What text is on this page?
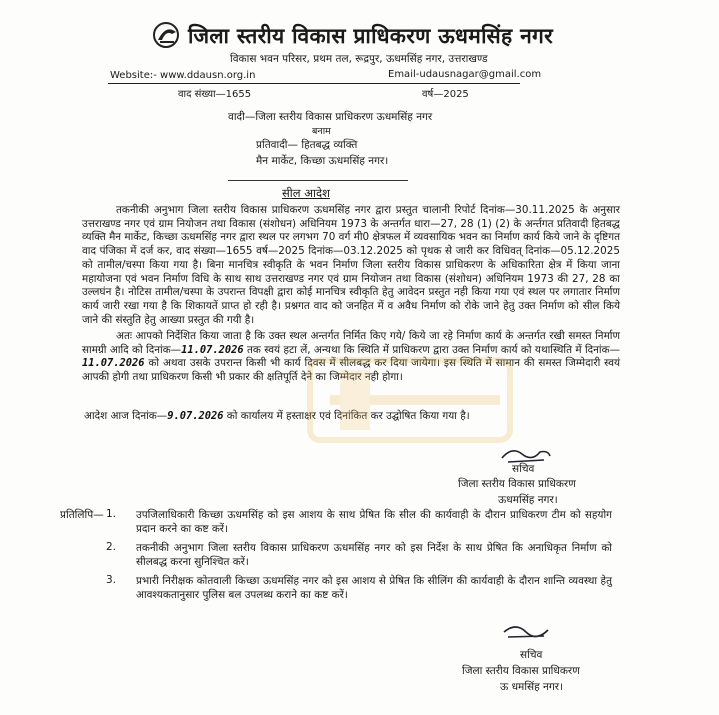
जिला स्तरीय विकास प्राधिकरण ऊधमसिंह नगर
विकास भवन परिसर, प्रथम तल, रूद्रपुर, ऊधमसिंह नगर, उत्तराखण्ड
Website:- www.ddausn.org.in	Email-udausnagar@gmail.com
वाद संख्या—1655	वर्ष—2025
वादी—जिला स्तरीय विकास प्राधिकरण ऊधमसिंह नगर
बनाम
प्रतिवादी— हितबद्ध व्यक्ति
मैन मार्केट, किच्छा ऊधमसिंह नगर।
सील आदेश
तकनीकी अनुभाग जिला स्तरीय विकास प्राधिकरण ऊधमसिंह नगर द्वारा प्रस्तुत चालानी रिपोर्ट दिनांक—30.11.2025 के अनुसार उत्तराखण्ड नगर एवं ग्राम नियोजन तथा विकास (संशोधन) अधिनियम 1973 के अन्तर्गत धारा—27, 28 (1) (2) के अर्न्तगत प्रतिवादी हितबद्ध व्यक्ति मैन मार्केट, किच्छा ऊधमसिंह नगर द्वारा स्थल पर लगभग 70 वर्ग मी0 क्षेत्रफल में व्यवसायिक भवन का निर्माण कार्य किये जाने के दृष्टिगत वाद पंजिका में दर्ज कर, वाद संख्या—1655 वर्ष—2025 दिनांक—03.12.2025 को पृथक से जारी कर विधिवत् दिनांक—05.12.2025 को तामील/चस्पा किया गया है। बिना मानचित्र स्वीकृति के भवन निर्माण जिला स्तरीय विकास प्राधिकरण के अधिकारिता क्षेत्र में किया जाना महायोजना एवं भवन निर्माण विधि के साथ साथ उत्तराखण्ड नगर एवं ग्राम नियोजन तथा विकास (संशोधन) अधिनियम 1973 की 27, 28 का उल्लघंन है। नोटिस तामील/चस्पा के उपरान्त विपक्षी द्वारा कोई मानचित्र स्वीकृति हेतु आवेदन प्रस्तुत नही किया गया एवं स्थल पर लगातार निर्माण कार्य जारी रखा गया है कि शिकायतें प्राप्त हो रही है। प्रश्नगत वाद को जनहित में व अवैध निर्माण को रोके जाने हेतु उक्त निर्माण को सील किये जाने की संस्तुति हेतु आख्या प्रस्तुत की गयी है।
अतः आपको निर्देशित किया जाता है कि उक्त स्थल अन्तर्गत निर्मित किए गये/ किये जा रहे निर्माण कार्य के अन्तर्गत रखी समस्त निर्माण सामग्री आदि को दिनांक—11.07.2026 तक स्वयं हटा लें, अन्यथा कि स्थिति में प्राधिकरण द्वारा उक्त निर्माण कार्य को यथास्थिति में दिनांक—11.07.2026 को अथवा उसके उपरान्त किसी भी कार्य दिवस में सीलबद्ध कर दिया जायेगा। इस स्थिति में सामान की समस्त जिम्मेदारी स्वयं आपकी होगी तथा प्राधिकरण किसी भी प्रकार की क्षतिपूर्ति देने का जिम्मेदार नही होगा।
आदेश आज दिनांक—9.07.2026 को कार्यालय में हस्ताक्षर एवं दिनांकित कर उद्घोषित किया गया है।
सचिव
जिला स्तरीय विकास प्राधिकरण
ऊधमसिंह नगर।
प्रतिलिपि— 1. उपजिलाधिकारी किच्छा ऊधमसिंह को इस आशय के साथ प्रेषित कि सील की कार्यवाही के दौरान प्राधिकरण टीम को सहयोग प्रदान करने का कष्ट करें।
2. तकनीकी अनुभाग जिला स्तरीय विकास प्राधिकरण ऊधमसिंह नगर को इस निर्देश के साथ प्रेषित कि अनाधिकृत निर्माण को सीलबद्ध करना सुनिश्चित करें।
3. प्रभारी निरीक्षक कोतवाली किच्छा ऊधमसिंह नगर को इस आशय से प्रेषित कि सीलिंग की कार्यवाही के दौरान शान्ति व्यवस्था हेतु आवश्यकतानुसार पुलिस बल उपलब्ध कराने का कष्ट करें।
सचिव
जिला स्तरीय विकास प्राधिकरण
ऊ धमसिंह नगर।
